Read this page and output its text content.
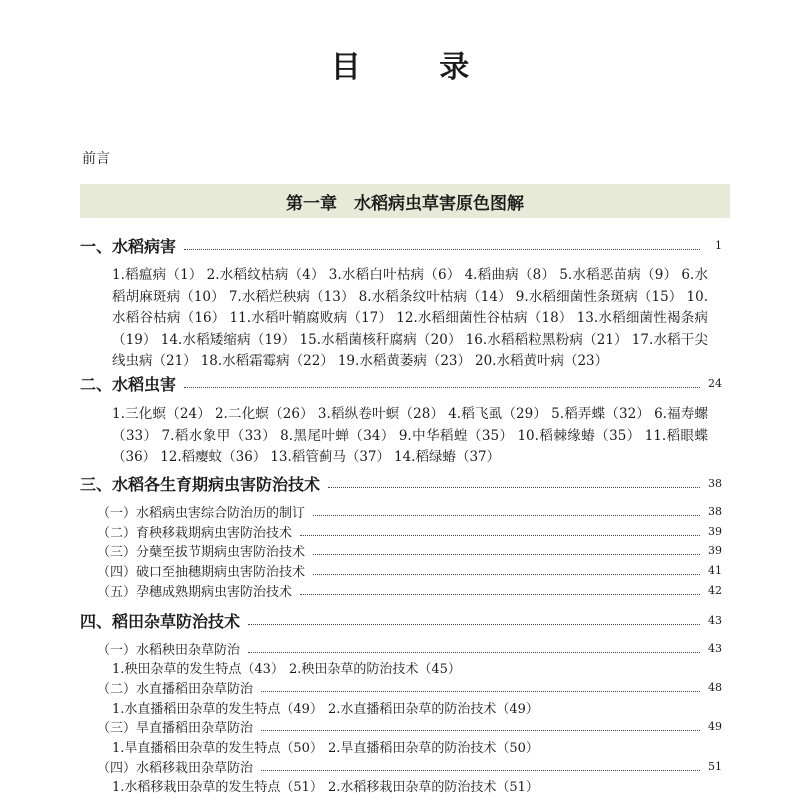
目 录
前言
第一章　水稻病虫草害原色图解
一、水稻病害	1
1.稻瘟病（1） 2.水稻纹枯病（4） 3.水稻白叶枯病（6） 4.稻曲病（8） 5.水稻恶苗病（9） 6.水稻胡麻斑病（10） 7.水稻烂秧病（13） 8.水稻条纹叶枯病（14） 9.水稻细菌性条斑病（15） 10.水稻谷枯病（16） 11.水稻叶鞘腐败病（17） 12.水稻细菌性谷枯病（18） 13.水稻细菌性褐条病（19） 14.水稻矮缩病（19） 15.水稻菌核秆腐病（20） 16.水稻稻粒黑粉病（21） 17.水稻干尖线虫病（21） 18.水稻霜霉病（22） 19.水稻黄萎病（23） 20.水稻黄叶病（23）
二、水稻虫害	24
1.三化螟（24） 2.二化螟（26） 3.稻纵卷叶螟（28） 4.稻飞虱（29） 5.稻弄蝶（32） 6.福寿螺（33） 7.稻水象甲（33） 8.黑尾叶蝉（34） 9.中华稻蝗（35） 10.稻棘缘蝽（35） 11.稻眼蝶（36） 12.稻瘿蚊（36） 13.稻管蓟马（37） 14.稻绿蝽（37）
三、水稻各生育期病虫害防治技术	38
（一）水稻病虫害综合防治历的制订	38
（二）育秧移栽期病虫害防治技术	39
（三）分蘖至拔节期病虫害防治技术	39
（四）破口至抽穗期病虫害防治技术	41
（五）孕穗成熟期病虫害防治技术	42
四、稻田杂草防治技术	43
（一）水稻秧田杂草防治	43
1.秧田杂草的发生特点（43） 2.秧田杂草的防治技术（45）
（二）水直播稻田杂草防治	48
1.水直播稻田杂草的发生特点（49） 2.水直播稻田杂草的防治技术（49）
（三）旱直播稻田杂草防治	49
1.旱直播稻田杂草的发生特点（50） 2.旱直播稻田杂草的防治技术（50）
（四）水稻移栽田杂草防治	51
1.水稻移栽田杂草的发生特点（51） 2.水稻移栽田杂草的防治技术（51）
